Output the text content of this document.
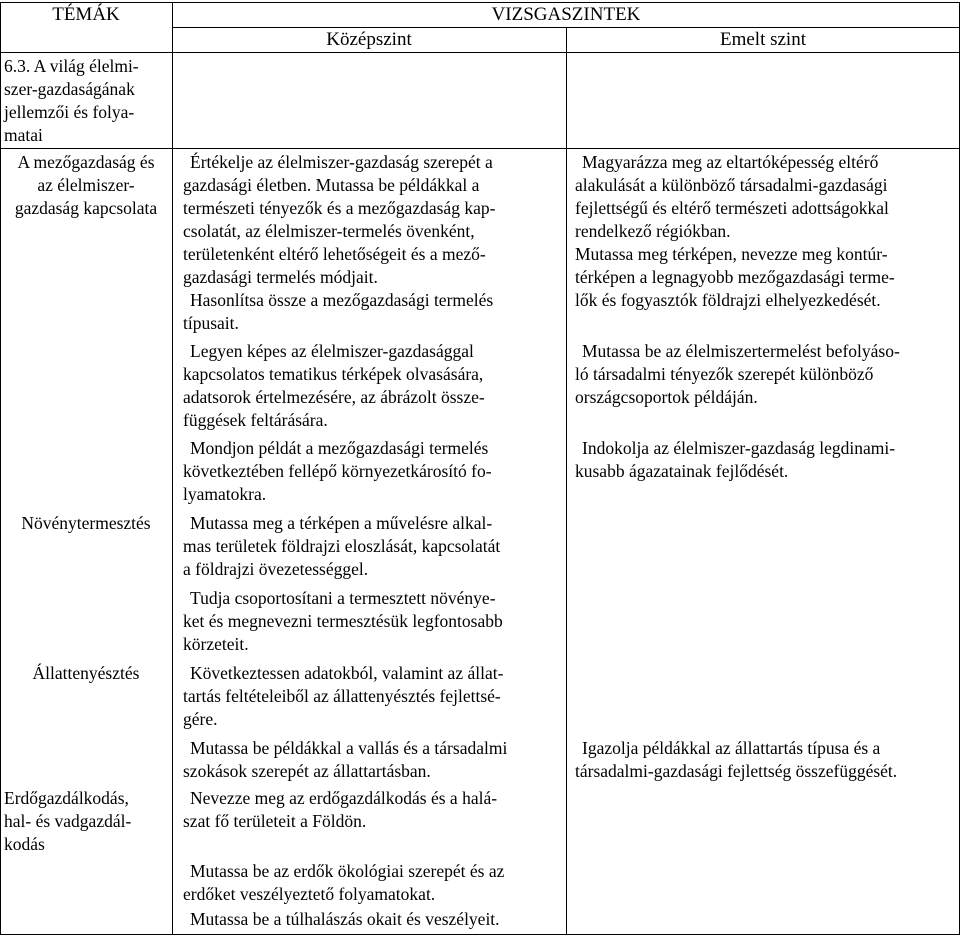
TÉMÁK	VIZSGASZINTEK
Középszint	Emelt szint
6.3. A világ élelmi-
szer-gazdaságának
jellemzői és folya-
matai
A mezőgazdaság és
az élelmiszer-
gazdaság kapcsolata
Növénytermesztés
Állattenyésztés
Erdőgazdálkodás,
hal- és vadgazdál-
kodás
Értékelje az élelmiszer-gazdaság szerepét a
gazdasági életben. Mutassa be példákkal a
természeti tényezők és a mezőgazdaság kap-
csolatát, az élelmiszer-termelés övenként,
területenként eltérő lehetőségeit és a mező-
gazdasági termelés módjait.
Hasonlítsa össze a mezőgazdasági termelés
típusait.
Legyen képes az élelmiszer-gazdasággal
kapcsolatos tematikus térképek olvasására,
adatsorok értelmezésére, az ábrázolt össze-
függések feltárására.
Mondjon példát a mezőgazdasági termelés
következtében fellépő környezetkárosító fo-
lyamatokra.
Mutassa meg a térképen a művelésre alkal-
mas területek földrajzi eloszlását, kapcsolatát
a földrajzi övezetességgel.
Tudja csoportosítani a termesztett növénye-
ket és megnevezni termesztésük legfontosabb
körzeteit.
Következtessen adatokból, valamint az állat-
tartás feltételeiből az állattenyésztés fejlettsé-
gére.
Mutassa be példákkal a vallás és a társadalmi
szokások szerepét az állattartásban.
Nevezze meg az erdőgazdálkodás és a halá-
szat fő területeit a Földön.
Mutassa be az erdők ökológiai szerepét és az
erdőket veszélyeztető folyamatokat.
Mutassa be a túlhalászás okait és veszélyeit.
Magyarázza meg az eltartóképesség eltérő
alakulását a különböző társadalmi-gazdasági
fejlettségű és eltérő természeti adottságokkal
rendelkező régiókban.
Mutassa meg térképen, nevezze meg kontúr-
térképen a legnagyobb mezőgazdasági terme-
lők és fogyasztók földrajzi elhelyezkedését.
Mutassa be az élelmiszertermelést befolyáso-
ló társadalmi tényezők szerepét különböző
országcsoportok példáján.
Indokolja az élelmiszer-gazdaság legdinami-
kusabb ágazatainak fejlődését.
Igazolja példákkal az állattartás típusa és a
társadalmi-gazdasági fejlettség összefüggését.
